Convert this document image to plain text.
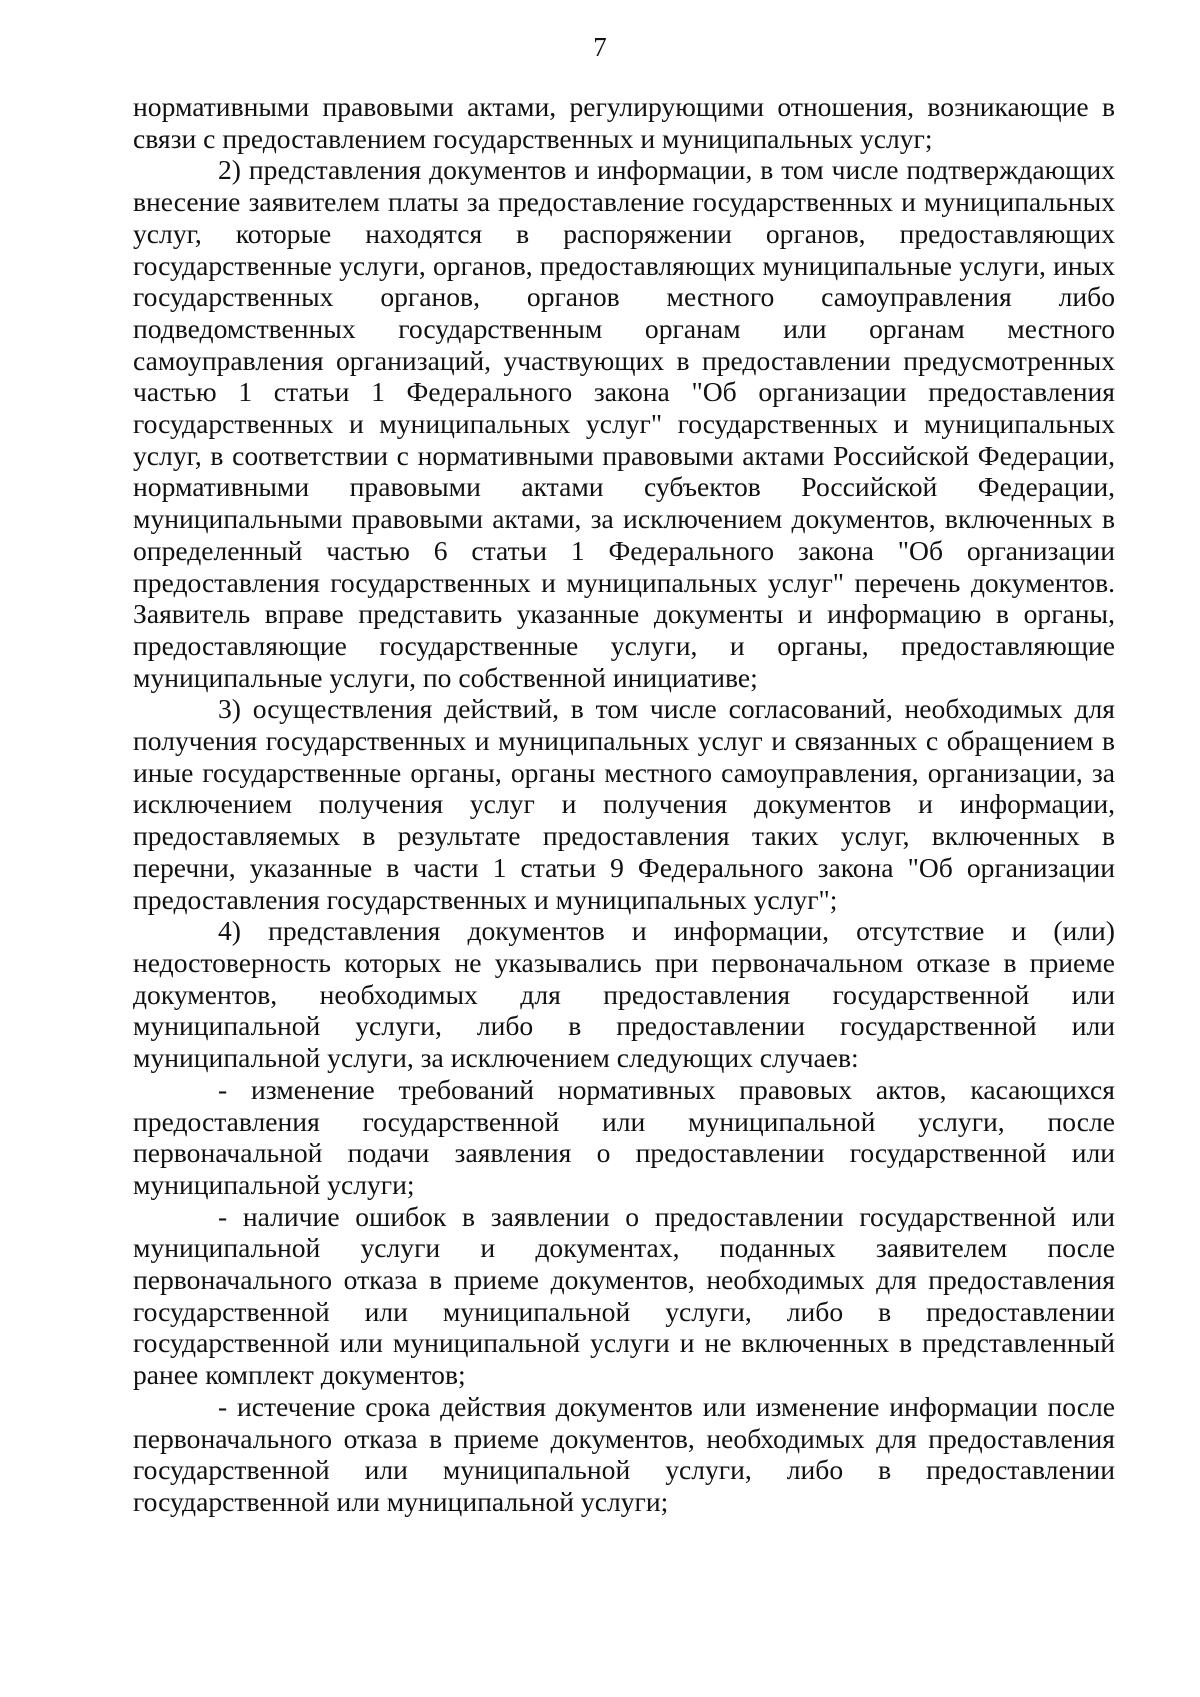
7

нормативными правовыми актами, регулирующими отношения, возникающие в связи с предоставлением государственных и муниципальных услуг;

2) представления документов и информации, в том числе подтверждающих внесение заявителем платы за предоставление государственных и муниципальных услуг, которые находятся в распоряжении органов, предоставляющих государственные услуги, органов, предоставляющих муниципальные услуги, иных государственных органов, органов местного самоуправления либо подведомственных государственным органам или органам местного самоуправления организаций, участвующих в предоставлении предусмотренных частью 1 статьи 1 Федерального закона "Об организации предоставления государственных и муниципальных услуг" государственных и муниципальных услуг, в соответствии с нормативными правовыми актами Российской Федерации, нормативными правовыми актами субъектов Российской Федерации, муниципальными правовыми актами, за исключением документов, включенных в определенный частью 6 статьи 1 Федерального закона "Об организации предоставления государственных и муниципальных услуг" перечень документов. Заявитель вправе представить указанные документы и информацию в органы, предоставляющие государственные услуги, и органы, предоставляющие муниципальные услуги, по собственной инициативе;

3) осуществления действий, в том числе согласований, необходимых для получения государственных и муниципальных услуг и связанных с обращением в иные государственные органы, органы местного самоуправления, организации, за исключением получения услуг и получения документов и информации, предоставляемых в результате предоставления таких услуг, включенных в перечни, указанные в части 1 статьи 9 Федерального закона "Об организации предоставления государственных и муниципальных услуг";

4) представления документов и информации, отсутствие и (или) недостоверность которых не указывались при первоначальном отказе в приеме документов, необходимых для предоставления государственной или муниципальной услуги, либо в предоставлении государственной или муниципальной услуги, за исключением следующих случаев:

- изменение требований нормативных правовых актов, касающихся предоставления государственной или муниципальной услуги, после первоначальной подачи заявления о предоставлении государственной или муниципальной услуги;

- наличие ошибок в заявлении о предоставлении государственной или муниципальной услуги и документах, поданных заявителем после первоначального отказа в приеме документов, необходимых для предоставления государственной или муниципальной услуги, либо в предоставлении государственной или муниципальной услуги и не включенных в представленный ранее комплект документов;

- истечение срока действия документов или изменение информации после первоначального отказа в приеме документов, необходимых для предоставления государственной или муниципальной услуги, либо в предоставлении государственной или муниципальной услуги;
